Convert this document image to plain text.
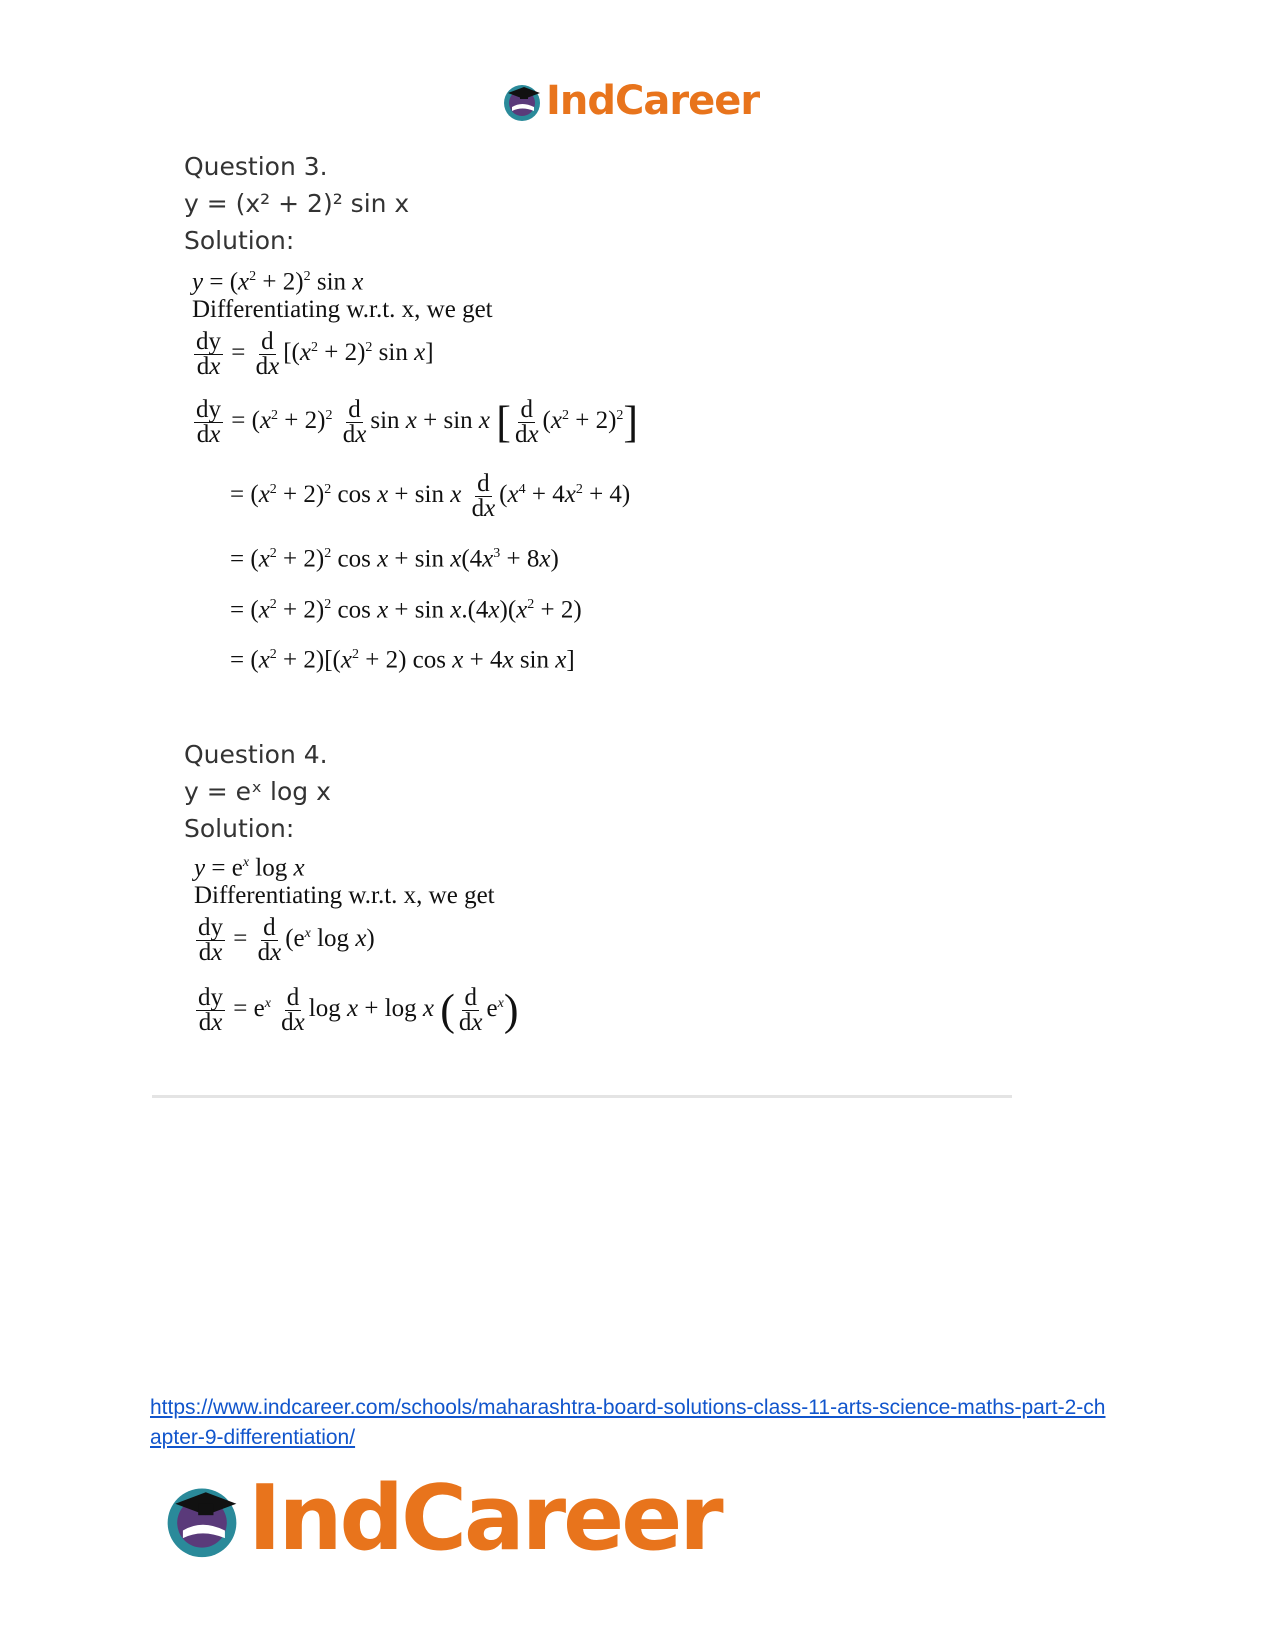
IndCareer
Question 3.
y = (x² + 2)² sin x
Solution:
$y = (x^2 + 2)^2$ sin x
Differentiating w.r.t. x, we get
$\frac{dy}{dx} = \frac{d}{dx} [(x^2 + 2)^2$ sin x]
$\frac{dy}{dx} = (x^2 + 2)^2 \frac{d}{dx}$ sin x + sin x [ $\frac{d}{dx} (x^2 + 2)^2$]
= $(x^2 + 2)^2$ cos x + sin x $\frac{d}{dx} (x^4 + 4x^2 + 4)$
= $(x^2 + 2)^2$ $\cos x + \sin x(4x^3 + 8x)$
= $(x^2 + 2)^2$ $\cos x + \sin x.(4x)(x^2 + 2)$
= $(x^2 + 2)[(x^2 + 2)$ cos x + 4x sin x]
Question 4.
y = eˣ log x
Solution:
$y = e^x$ log x
Differentiating w.r.t. x, we get
$\frac{dy}{dx} = \frac{d}{dx} (e^x$ log x)
$\frac{dy}{dx} = e^x \frac{d}{dx}$ log x + log x ( $\frac{d}{dx} e^x$)
https://www.indcareer.com/schools/maharashtra-board-solutions-class-11-arts-science-maths-part-2-chapter-9-differentiation/
IndCareer
